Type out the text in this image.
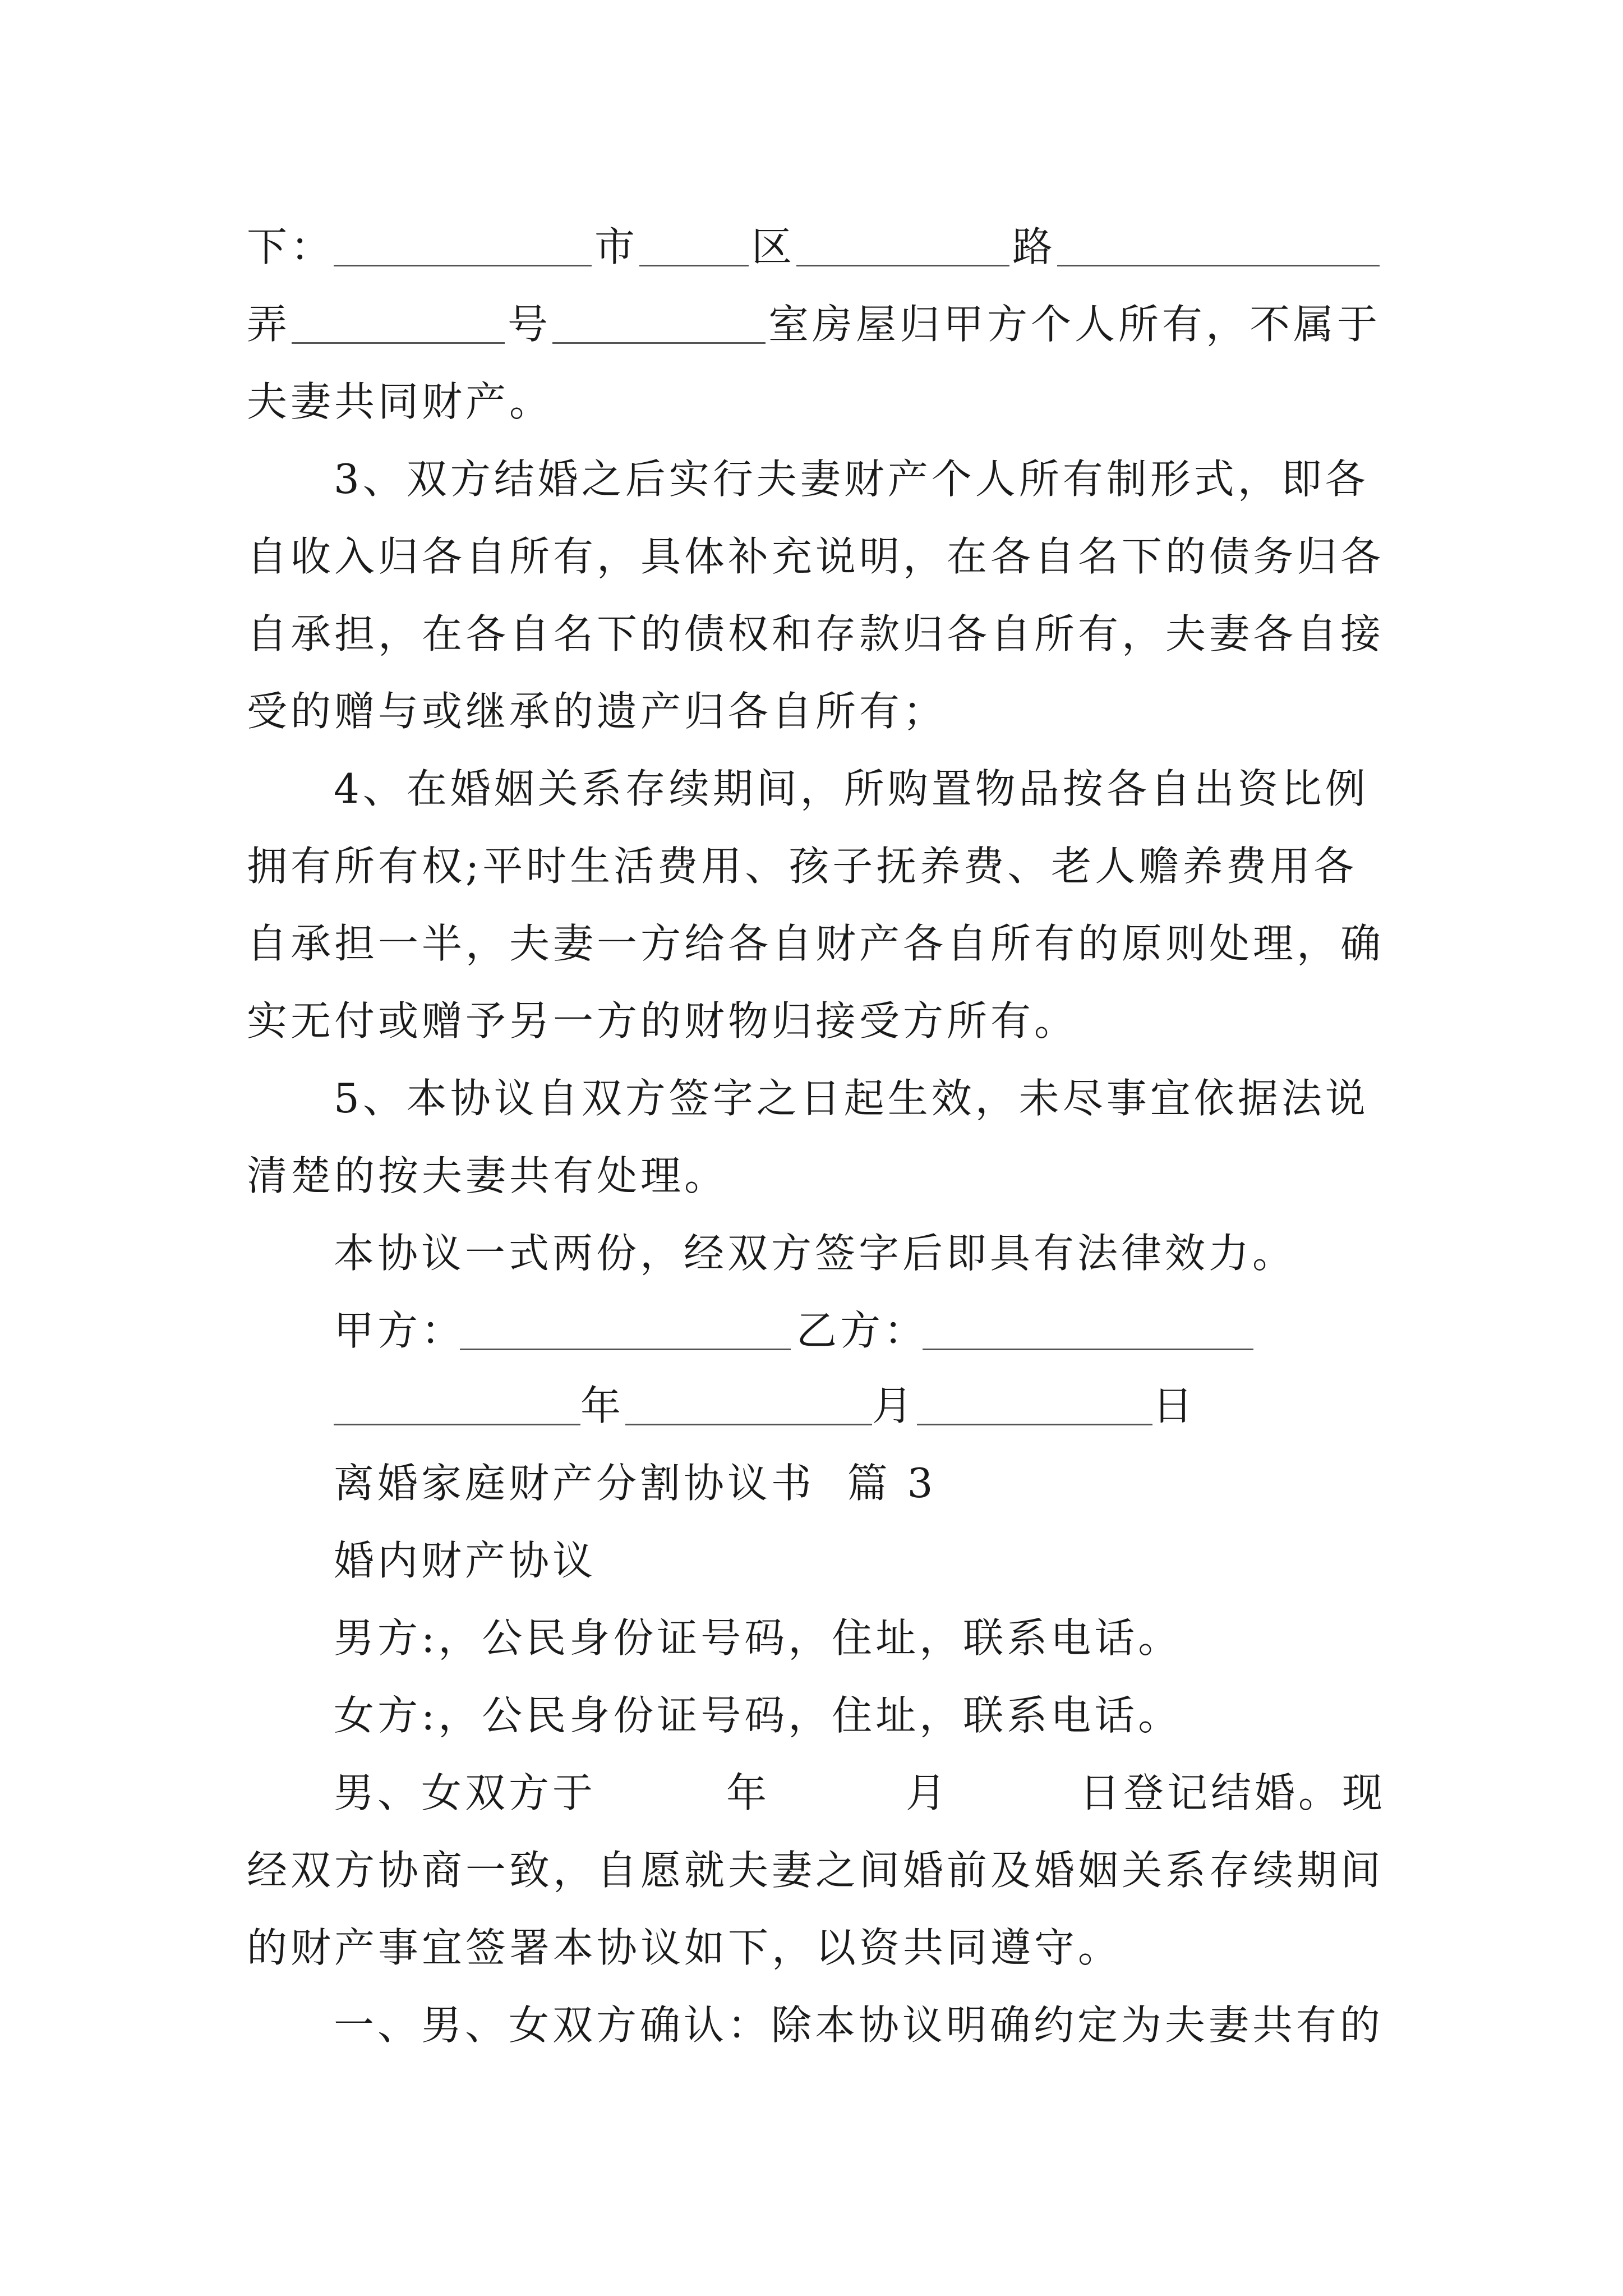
下：	市	区	路
弄	号	室房屋归甲方个人所有，不属于
夫妻共同财产。
3、双方结婚之后实行夫妻财产个人所有制形式，即各
自收入归各自所有，具体补充说明，在各自名下的债务归各
自承担，在各自名下的债权和存款归各自所有，夫妻各自接
受的赠与或继承的遗产归各自所有；
4、在婚姻关系存续期间，所购置物品按各自出资比例
拥有所有权;平时生活费用、孩子抚养费、老人赡养费用各
自承担一半，夫妻一方给各自财产各自所有的原则处理，确
实无付或赠予另一方的财物归接受方所有。
5、本协议自双方签字之日起生效，未尽事宜依据法说
清楚的按夫妻共有处理。
本协议一式两份，经双方签字后即具有法律效力。
甲方：	乙方：
年	月	日
离婚家庭财产分割协议书  篇 3
婚内财产协议
男方:，公民身份证号码，住址，联系电话。
女方:，公民身份证号码，住址，联系电话。
男、女双方于	年	月	日登记结婚。现
经双方协商一致，自愿就夫妻之间婚前及婚姻关系存续期间
的财产事宜签署本协议如下，以资共同遵守。
一、男、女双方确认：除本协议明确约定为夫妻共有的
